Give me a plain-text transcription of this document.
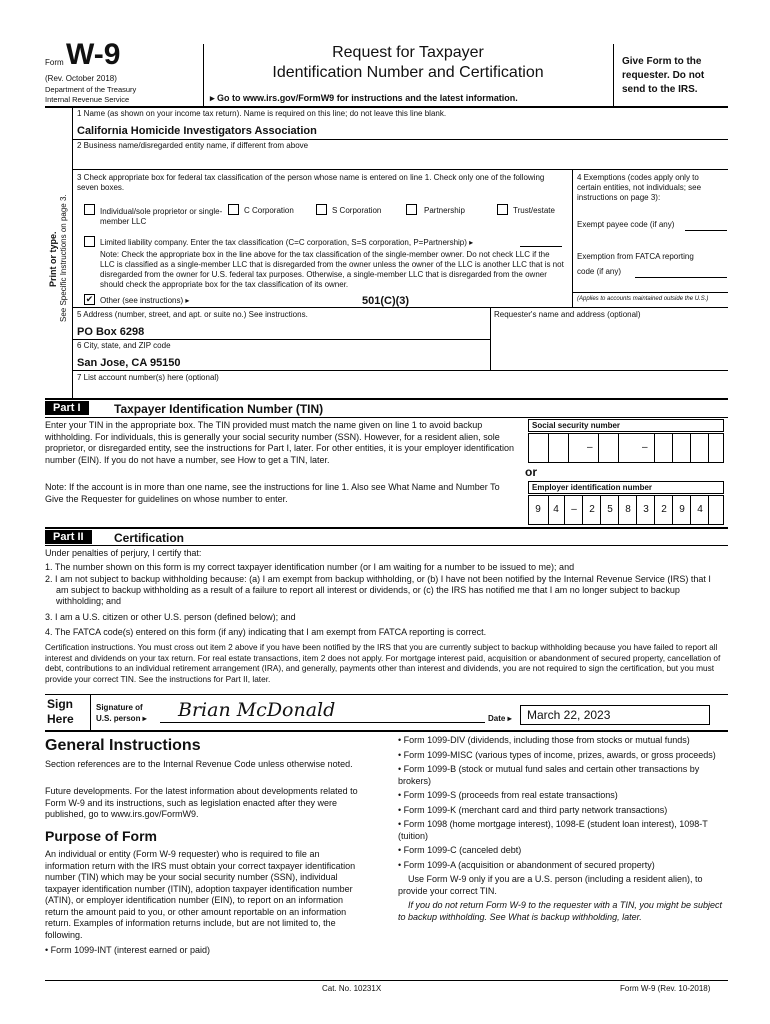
Form W-9
(Rev. October 2018)
Department of the Treasury
Internal Revenue Service
Request for Taxpayer
Identification Number and Certification
▸ Go to www.irs.gov/FormW9 for instructions and the latest information.
Give Form to the requester. Do not send to the IRS.
Print or type. See Specific Instructions on page 3.
1 Name (as shown on your income tax return). Name is required on this line; do not leave this line blank.
California Homicide Investigators Association
2 Business name/disregarded entity name, if different from above
3 Check appropriate box for federal tax classification of the person whose name is entered on line 1. Check only one of the following seven boxes.
Individual/sole proprietor or single-member LLC
C Corporation	S Corporation	Partnership	Trust/estate
Limited liability company. Enter the tax classification (C=C corporation, S=S corporation, P=Partnership) ▸
Note: Check the appropriate box in the line above for the tax classification of the single-member owner. Do not check LLC if the LLC is classified as a single-member LLC that is disregarded from the owner unless the owner of the LLC is another LLC that is not disregarded from the owner for U.S. federal tax purposes. Otherwise, a single-member LLC that is disregarded from the owner should check the appropriate box for the tax classification of its owner.
✔ Other (see instructions) ▸	501(C)(3)
4 Exemptions (codes apply only to certain entities, not individuals; see instructions on page 3):
Exempt payee code (if any)
Exemption from FATCA reporting
code (if any)
(Applies to accounts maintained outside the U.S.)
5 Address (number, street, and apt. or suite no.) See instructions.	Requester's name and address (optional)
PO Box 6298
6 City, state, and ZIP code
San Jose, CA 95150
7 List account number(s) here (optional)
Part I	Taxpayer Identification Number (TIN)
Enter your TIN in the appropriate box. The TIN provided must match the name given on line 1 to avoid backup withholding. For individuals, this is generally your social security number (SSN). However, for a resident alien, sole proprietor, or disregarded entity, see the instructions for Part I, later. For other entities, it is your employer identification number (EIN). If you do not have a number, see How to get a TIN, later.
Note: If the account is in more than one name, see the instructions for line 1. Also see What Name and Number To Give the Requester for guidelines on whose number to enter.
Social security number
–	–
or
Employer identification number
9	4	–	2	5	8	3	2	9	4
Part II	Certification
Under penalties of perjury, I certify that:
1. The number shown on this form is my correct taxpayer identification number (or I am waiting for a number to be issued to me); and
2. I am not subject to backup withholding because: (a) I am exempt from backup withholding, or (b) I have not been notified by the Internal Revenue Service (IRS) that I am subject to backup withholding as a result of a failure to report all interest or dividends, or (c) the IRS has notified me that I am no longer subject to backup withholding; and
3. I am a U.S. citizen or other U.S. person (defined below); and
4. The FATCA code(s) entered on this form (if any) indicating that I am exempt from FATCA reporting is correct.
Certification instructions. You must cross out item 2 above if you have been notified by the IRS that you are currently subject to backup withholding because you have failed to report all interest and dividends on your tax return. For real estate transactions, item 2 does not apply. For mortgage interest paid, acquisition or abandonment of secured property, cancellation of debt, contributions to an individual retirement arrangement (IRA), and generally, payments other than interest and dividends, you are not required to sign the certification, but you must provide your correct TIN. See the instructions for Part II, later.
Sign
Here
Signature of
U.S. person ▸ Brian McDonald	Date ▸	March 22, 2023
General Instructions
Section references are to the Internal Revenue Code unless otherwise noted.
Future developments. For the latest information about developments related to Form W-9 and its instructions, such as legislation enacted after they were published, go to www.irs.gov/FormW9.
Purpose of Form
An individual or entity (Form W-9 requester) who is required to file an information return with the IRS must obtain your correct taxpayer identification number (TIN) which may be your social security number (SSN), individual taxpayer identification number (ITIN), adoption taxpayer identification number (ATIN), or employer identification number (EIN), to report on an information return the amount paid to you, or other amount reportable on an information return. Examples of information returns include, but are not limited to, the following.
• Form 1099-INT (interest earned or paid)
• Form 1099-DIV (dividends, including those from stocks or mutual funds)
• Form 1099-MISC (various types of income, prizes, awards, or gross proceeds)
• Form 1099-B (stock or mutual fund sales and certain other transactions by brokers)
• Form 1099-S (proceeds from real estate transactions)
• Form 1099-K (merchant card and third party network transactions)
• Form 1098 (home mortgage interest), 1098-E (student loan interest), 1098-T (tuition)
• Form 1099-C (canceled debt)
• Form 1099-A (acquisition or abandonment of secured property)
Use Form W-9 only if you are a U.S. person (including a resident alien), to provide your correct TIN.
If you do not return Form W-9 to the requester with a TIN, you might be subject to backup withholding. See What is backup withholding, later.
Cat. No. 10231X	Form W-9 (Rev. 10-2018)
